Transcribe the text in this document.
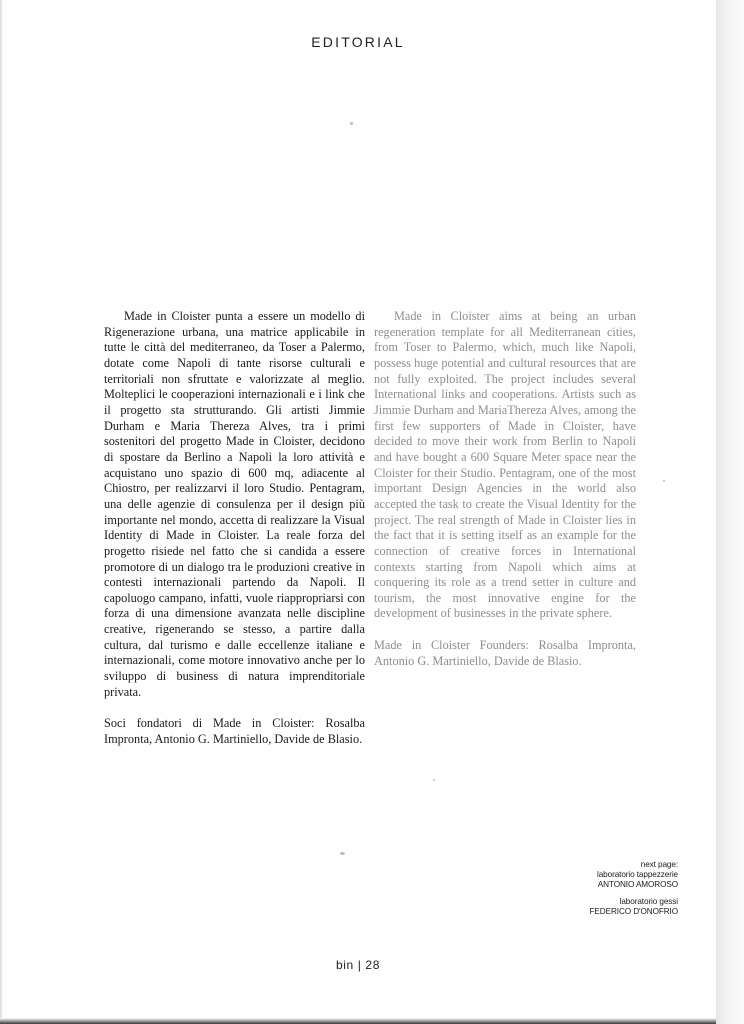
EDITORIAL

Made in Cloister punta a essere un modello di Rigenerazione urbana, una matrice applicabile in tutte le città del mediterraneo, da Toser a Palermo, dotate come Napoli di tante risorse culturali e territoriali non sfruttate e valorizzate al meglio. Molteplici le cooperazioni internazionali e i link che il progetto sta strutturando. Gli artisti Jimmie Durham e Maria Thereza Alves, tra i primi sostenitori del progetto Made in Cloister, decidono di spostare da Berlino a Napoli la loro attività e acquistano uno spazio di 600 mq, adiacente al Chiostro, per realizzarvi il loro Studio. Pentagram, una delle agenzie di consulenza per il design più importante nel mondo, accetta di realizzare la Visual Identity di Made in Cloister. La reale forza del progetto risiede nel fatto che si candida a essere promotore di un dialogo tra le produzioni creative in contesti internazionali partendo da Napoli. Il capoluogo campano, infatti, vuole riappropriarsi con forza di una dimensione avanzata nelle discipline creative, rigenerando se stesso, a partire dalla cultura, dal turismo e dalle eccellenze italiane e internazionali, come motore innovativo anche per lo sviluppo di business di natura imprenditoriale privata.

Soci fondatori di Made in Cloister: Rosalba Impronta, Antonio G. Martiniello, Davide de Blasio.

Made in Cloister aims at being an urban regeneration template for all Mediterranean cities, from Toser to Palermo, which, much like Napoli, possess huge potential and cultural resources that are not fully exploited. The project includes several International links and cooperations. Artists such as Jimmie Durham and MariaThereza Alves, among the first few supporters of Made in Cloister, have decided to move their work from Berlin to Napoli and have bought a 600 Square Meter space near the Cloister for their Studio. Pentagram, one of the most important Design Agencies in the world also accepted the task to create the Visual Identity for the project. The real strength of Made in Cloister lies in the fact that it is setting itself as an example for the connection of creative forces in International contexts starting from Napoli which aims at conquering its role as a trend setter in culture and tourism, the most innovative engine for the development of businesses in the private sphere.

Made in Cloister Founders: Rosalba Impronta, Antonio G. Martiniello, Davide de Blasio.

next page:
laboratorio tappezzerie
ANTONIO AMOROSO
laboratorio gessi
FEDERICO D'ONOFRIO
bin | 28
